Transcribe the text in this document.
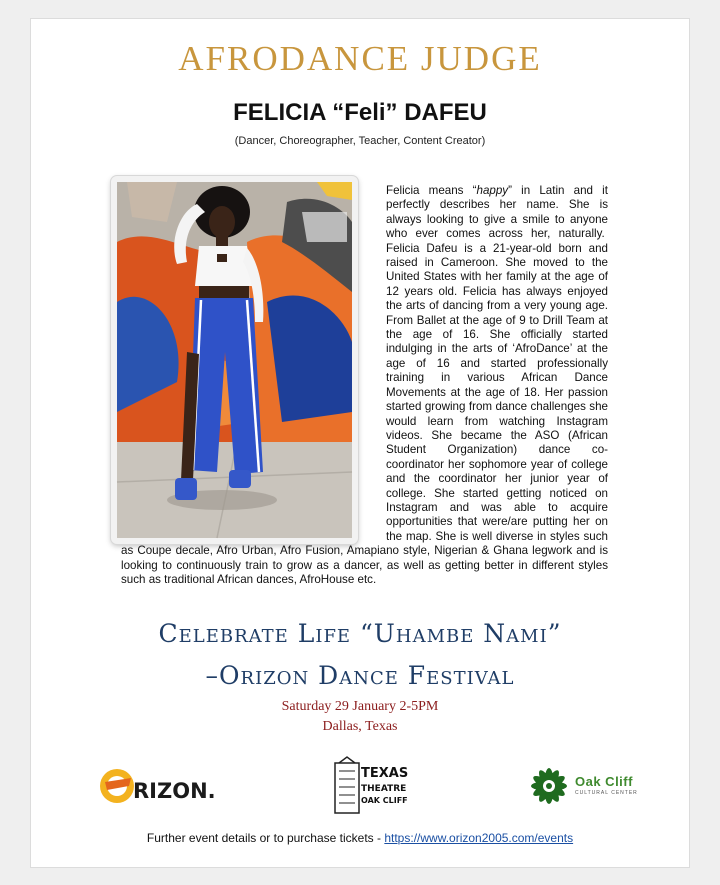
AFRODANCE JUDGE
FELICIA “Feli” DAFEU
(Dancer, Choreographer, Teacher, Content Creator)
Felicia means “happy” in Latin and it perfectly describes her name. She is always looking to give a smile to anyone who ever comes across her, naturally.  Felicia Dafeu is a 21-year-old born and raised in Cameroon. She moved to the United States with her family at the age of 12 years old. Felicia has always enjoyed the arts of dancing from a very young age. From Ballet at the age of 9 to Drill Team at the age of 16. She officially started indulging in the arts of ‘AfroDance’ at the age of 16 and started professionally training in various African Dance Movements at the age of 18. Her passion started growing from dance challenges she would learn from watching Instagram videos. She became the ASO (African Student Organization) dance co-coordinator her sophomore year of college and the coordinator her junior year of college. She started getting noticed on Instagram and was able to acquire opportunities that were/are putting her on the map. She is well diverse in styles such as Coupe decale, Afro Urban, Afro Fusion, Amapiano style, Nigerian & Ghana legwork and is looking to continuously train to grow as a dancer, as well as getting better in different styles such as traditional African dances, AfroHouse etc.
Celebrate Life “Uhambe Nami”
–Orizon Dance Festival
Saturday 29 January 2-5PM
Dallas, Texas
RIZON.
TEXAS
THEATRE
OAK CLIFF
Oak Cliff
CULTURAL CENTER
Further event details or to purchase tickets - https://www.orizon2005.com/events
